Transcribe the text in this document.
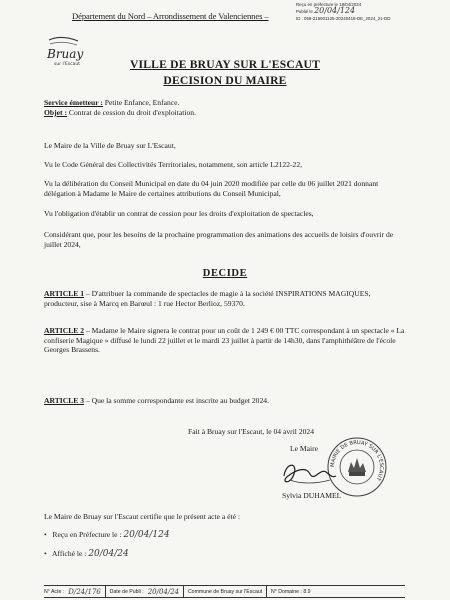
Département du Nord – Arrondissement de Valenciennes –
Reçu en préfecture le 18/04/2024
Publié le 20/04/124
ID : 059-215901125-20240418-DE_2024_21-DD
Bruay
sur l'Escaut	VILLE DE BRUAY SUR L'ESCAUT
DECISION DU MAIRE
Service émetteur : Petite Enfance, Enfance.
Objet : Contrat de cession du droit d'exploitation.
Le Maire de la Ville de Bruay sur L'Escaut,
Vu le Code Général des Collectivités Territoriales, notamment, son article L2122-22,
Vu la délibération du Conseil Municipal en date du 04 juin 2020 modifiée par celle du 06 juillet 2021 donnant délégation à Madame le Maire de certaines attributions du Conseil Municipal,
Vu l'obligation d'établir un contrat de cession pour les droits d'exploitation de spectacles,
Considérant que, pour les besoins de la prochaine programmation des animations des accueils de loisirs d'ouvrir de juillet 2024,
DECIDE
ARTICLE 1 – D'attribuer la commande de spectacles de magie à la société INSPIRATIONS MAGIQUES, producteur, sise à Marcq en Barœul : 1 rue Hector Berlioz, 59370.
ARTICLE 2 – Madame le Maire signera le contrat pour un coût de 1 249 € 00 TTC correspondant à un spectacle « La confiserie Magique » diffusé le lundi 22 juillet et le mardi 23 juillet à partir de 14h30, dans l'amphithéâtre de l'école Georges Brassens.
ARTICLE 3 – Que la somme correspondante est inscrite au budget 2024.
Fait à Bruay sur l'Escaut, le 04 avril 2024
Le Maire
MAIRIE DE BRUAY SUR L'ESCAUT
Sylvia DUHAMEL
Le Maire de Bruay sur l'Escaut certifie que le présent acte a été :
•   Reçu en Préfecture le : 20/04/124
•   Affiché le : 20/04/24
N° Acte : D/24/176 Date de Publi : 20/04/24 Commune de Bruay sur l'Escaut N° Domaine : 8.9
